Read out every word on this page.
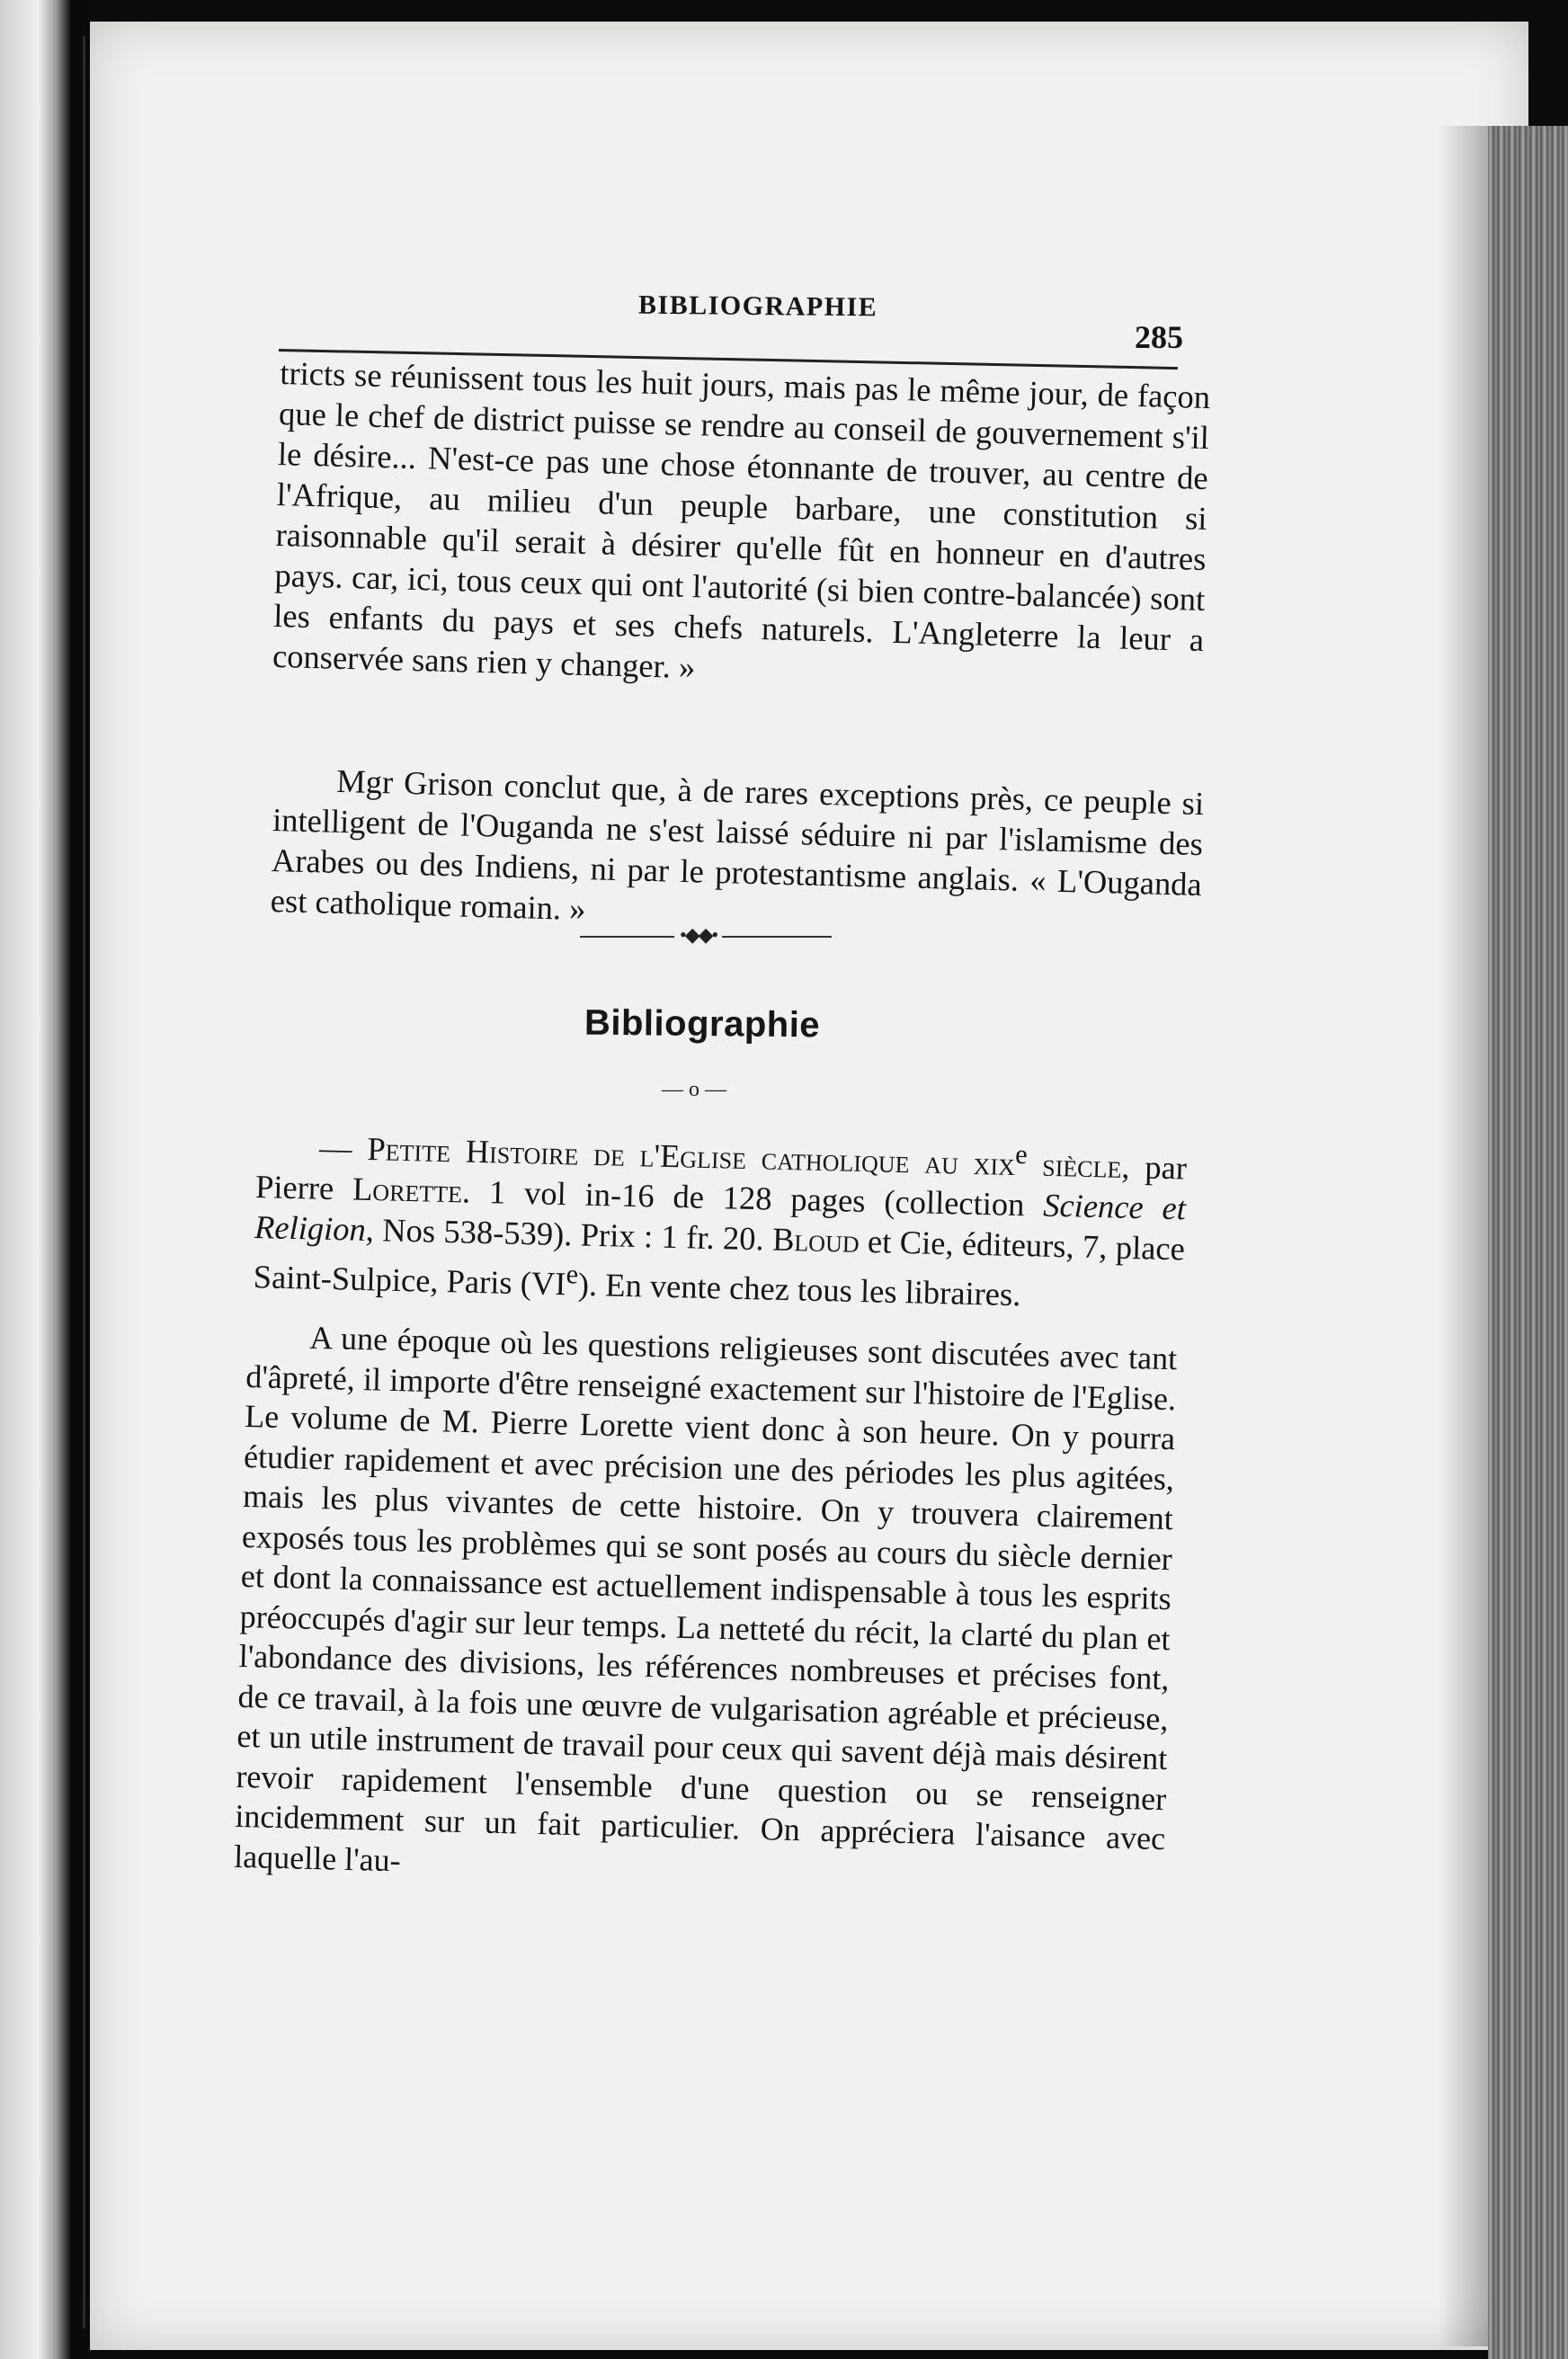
BIBLIOGRAPHIE
285

tricts se réunissent tous les huit jours, mais pas le même jour, de façon que le chef de district puisse se rendre au conseil de gouvernement s'il le désire... N'est-ce pas une chose étonnante de trouver, au centre de l'Afrique, au milieu d'un peuple barbare, une constitution si raisonnable qu'il serait à désirer qu'elle fût en honneur en d'autres pays. car, ici, tous ceux qui ont l'autorité (si bien contre-balancée) sont les enfants du pays et ses chefs naturels. L'Angleterre la leur a conservée sans rien y changer. »

Mgr Grison conclut que, à de rares exceptions près, ce peuple si intelligent de l'Ouganda ne s'est laissé séduire ni par l'islamisme des Arabes ou des Indiens, ni par le protestantisme anglais. « L'Ouganda est catholique romain. »

•◆◆•
Bibliographie
— o —

— Petite Histoire de l'Eglise catholique au xix$^e$ siècle, par Pierre Lorette. 1 vol in-16 de 128 pages (collection Science et Religion, Nos 538-539). Prix : 1 fr. 20. Bloud et Cie, éditeurs, 7, place Saint-Sulpice, Paris (VIe). En vente chez tous les libraires.

A une époque où les questions religieuses sont discutées avec tant d'âpreté, il importe d'être renseigné exactement sur l'histoire de l'Eglise. Le volume de M. Pierre Lorette vient donc à son heure. On y pourra étudier rapidement et avec précision une des périodes les plus agitées, mais les plus vivantes de cette histoire. On y trouvera clairement exposés tous les problèmes qui se sont posés au cours du siècle dernier et dont la connaissance est actuellement indispensable à tous les esprits préoccupés d'agir sur leur temps. La netteté du récit, la clarté du plan et l'abondance des divisions, les références nombreuses et précises font, de ce travail, à la fois une œuvre de vulgarisation agréable et précieuse, et un utile instrument de travail pour ceux qui savent déjà mais désirent revoir rapidement l'ensemble d'une question ou se renseigner incidemment sur un fait particulier. On appréciera l'aisance avec laquelle l'au-
